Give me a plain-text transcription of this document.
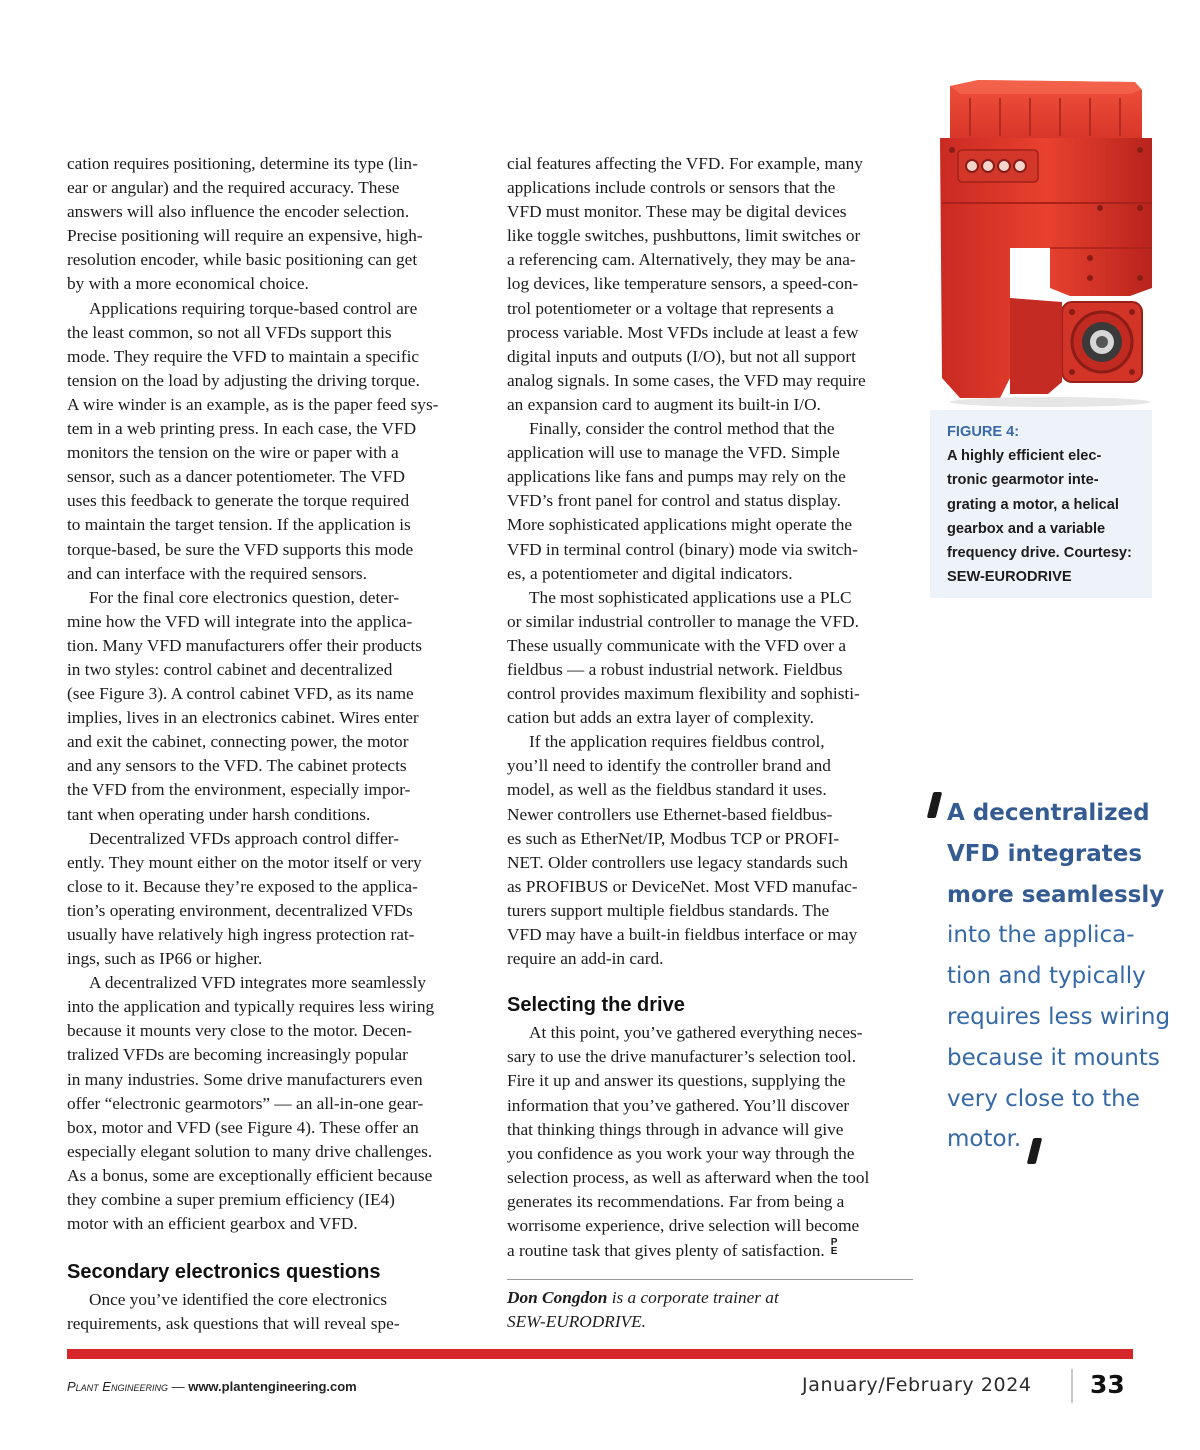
cation requires positioning, determine its type (lin-
ear or angular) and the required accuracy. These
answers will also influence the encoder selection.
Precise positioning will require an expensive, high-
resolution encoder, while basic positioning can get
by with a more economical choice.
Applications requiring torque-based control are
the least common, so not all VFDs support this
mode. They require the VFD to maintain a specific
tension on the load by adjusting the driving torque.
A wire winder is an example, as is the paper feed sys-
tem in a web printing press. In each case, the VFD
monitors the tension on the wire or paper with a
sensor, such as a dancer potentiometer. The VFD
uses this feedback to generate the torque required
to maintain the target tension. If the application is
torque-based, be sure the VFD supports this mode
and can interface with the required sensors.
For the final core electronics question, deter-
mine how the VFD will integrate into the applica-
tion. Many VFD manufacturers offer their products
in two styles: control cabinet and decentralized
(see Figure 3). A control cabinet VFD, as its name
implies, lives in an electronics cabinet. Wires enter
and exit the cabinet, connecting power, the motor
and any sensors to the VFD. The cabinet protects
the VFD from the environment, especially impor-
tant when operating under harsh conditions.
Decentralized VFDs approach control differ-
ently. They mount either on the motor itself or very
close to it. Because they’re exposed to the applica-
tion’s operating environment, decentralized VFDs
usually have relatively high ingress protection rat-
ings, such as IP66 or higher.
A decentralized VFD integrates more seamlessly
into the application and typically requires less wiring
because it mounts very close to the motor. Decen-
tralized VFDs are becoming increasingly popular
in many industries. Some drive manufacturers even
offer “electronic gearmotors” — an all-in-one gear-
box, motor and VFD (see Figure 4). These offer an
especially elegant solution to many drive challenges.
As a bonus, some are exceptionally efficient because
they combine a super premium efficiency (IE4)
motor with an efficient gearbox and VFD.
Secondary electronics questions
Once you’ve identified the core electronics
requirements, ask questions that will reveal spe-
cial features affecting the VFD. For example, many
applications include controls or sensors that the
VFD must monitor. These may be digital devices
like toggle switches, pushbuttons, limit switches or
a referencing cam. Alternatively, they may be ana-
log devices, like temperature sensors, a speed-con-
trol potentiometer or a voltage that represents a
process variable. Most VFDs include at least a few
digital inputs and outputs (I/O), but not all support
analog signals. In some cases, the VFD may require
an expansion card to augment its built-in I/O.
Finally, consider the control method that the
application will use to manage the VFD. Simple
applications like fans and pumps may rely on the
VFD’s front panel for control and status display.
More sophisticated applications might operate the
VFD in terminal control (binary) mode via switch-
es, a potentiometer and digital indicators.
The most sophisticated applications use a PLC
or similar industrial controller to manage the VFD.
These usually communicate with the VFD over a
fieldbus — a robust industrial network. Fieldbus
control provides maximum flexibility and sophisti-
cation but adds an extra layer of complexity.
If the application requires fieldbus control,
you’ll need to identify the controller brand and
model, as well as the fieldbus standard it uses.
Newer controllers use Ethernet-based fieldbus-
es such as EtherNet/IP, Modbus TCP or PROFI-
NET. Older controllers use legacy standards such
as PROFIBUS or DeviceNet. Most VFD manufac-
turers support multiple fieldbus standards. The
VFD may have a built-in fieldbus interface or may
require an add-in card.
Selecting the drive
At this point, you’ve gathered everything neces-
sary to use the drive manufacturer’s selection tool.
Fire it up and answer its questions, supplying the
information that you’ve gathered. You’ll discover
that thinking things through in advance will give
you confidence as you work your way through the
selection process, as well as afterward when the tool
generates its recommendations. Far from being a
worrisome experience, drive selection will become
a routine task that gives plenty of satisfaction. P
E
Don Congdon is a corporate trainer at
SEW-EURODRIVE.
FIGURE 4:
A highly efficient elec-
tronic gearmotor inte-
grating a motor, a helical
gearbox and a variable
frequency drive. Courtesy:
SEW-EURODRIVE
A decentralized
VFD integrates
more seamlessly
into the applica-
tion and typically
requires less wiring
because it mounts
very close to the
motor.
Plant Engineering — www.plantengineering.com	January/February 2024 33
